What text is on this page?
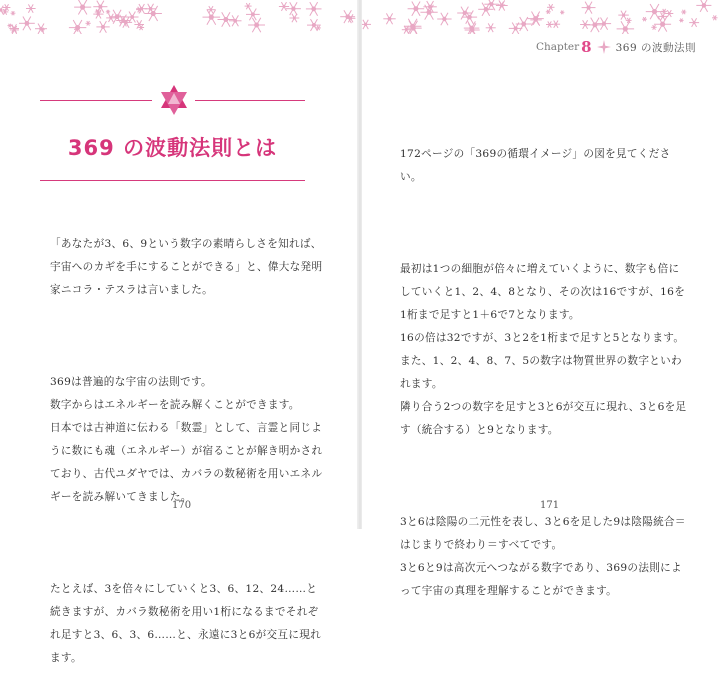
369 の波動法則とは

「あなたが3、6、9という数字の素晴らしさを知れば、宇宙へのカギを手にすることができる」と、偉大な発明家ニコラ・テスラは言いました。

369は普遍的な宇宙の法則です。
数字からはエネルギーを読み解くことができます。
日本では古神道に伝わる「数霊」として、言霊と同じように数にも魂（エネルギー）が宿ることが解き明かされており、古代ユダヤでは、カバラの数秘術を用いエネルギーを読み解いてきました。

たとえば、3を倍々にしていくと3、6、12、24……と続きますが、カバラ数秘術を用い1桁になるまでそれぞれ足すと3、6、3、6……と、永遠に3と6が交互に現れます。

170
Chapter 8 369 の波動法則

172ページの「369の循環イメージ」の図を見てください。

最初は1つの細胞が倍々に増えていくように、数字も倍にしていくと1、2、4、8となり、その次は16ですが、16を1桁まで足すと1＋6で7となります。
16の倍は32ですが、3と2を1桁まで足すと5となります。
また、1、2、4、8、7、5の数字は物質世界の数字といわれます。
隣り合う2つの数字を足すと3と6が交互に現れ、3と6を足す（統合する）と9となります。

3と6は陰陽の二元性を表し、3と6を足した9は陰陽統合＝はじまりで終わり＝すべてです。
3と6と9は高次元へつながる数字であり、369の法則によって宇宙の真理を理解することができます。

171
